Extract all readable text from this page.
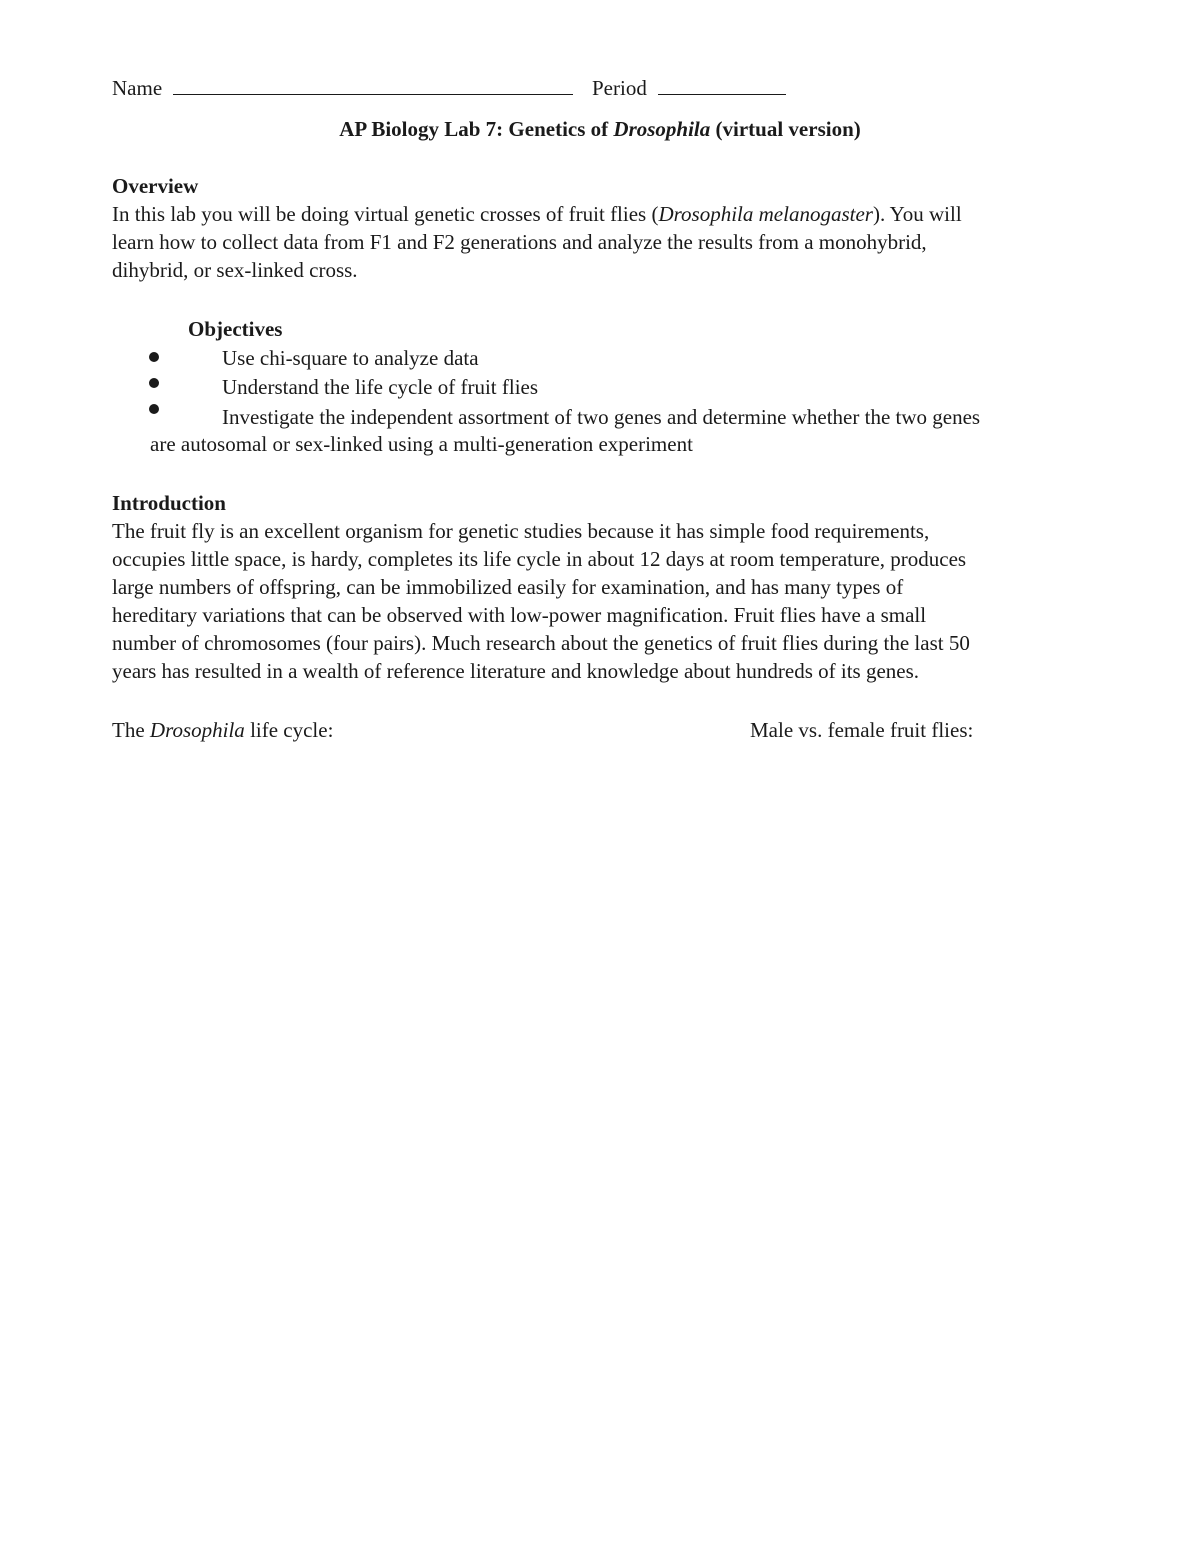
Name	Period
AP Biology Lab 7: Genetics of Drosophila (virtual version)
Overview
In this lab you will be doing virtual genetic crosses of fruit flies (Drosophila melanogaster). You will
learn how to collect data from F1 and F2 generations and analyze the results from a monohybrid,
dihybrid, or sex-linked cross.
Objectives
Use chi-square to analyze data
Understand the life cycle of fruit flies
Investigate the independent assortment of two genes and determine whether the two genes
are autosomal or sex-linked using a multi-generation experiment
Introduction
The fruit fly is an excellent organism for genetic studies because it has simple food requirements,
occupies little space, is hardy, completes its life cycle in about 12 days at room temperature, produces
large numbers of offspring, can be immobilized easily for examination, and has many types of
hereditary variations that can be observed with low-power magnification. Fruit flies have a small
number of chromosomes (four pairs). Much research about the genetics of fruit flies during the last 50
years has resulted in a wealth of reference literature and knowledge about hundreds of its genes.
The Drosophila life cycle:	Male vs. female fruit flies:
